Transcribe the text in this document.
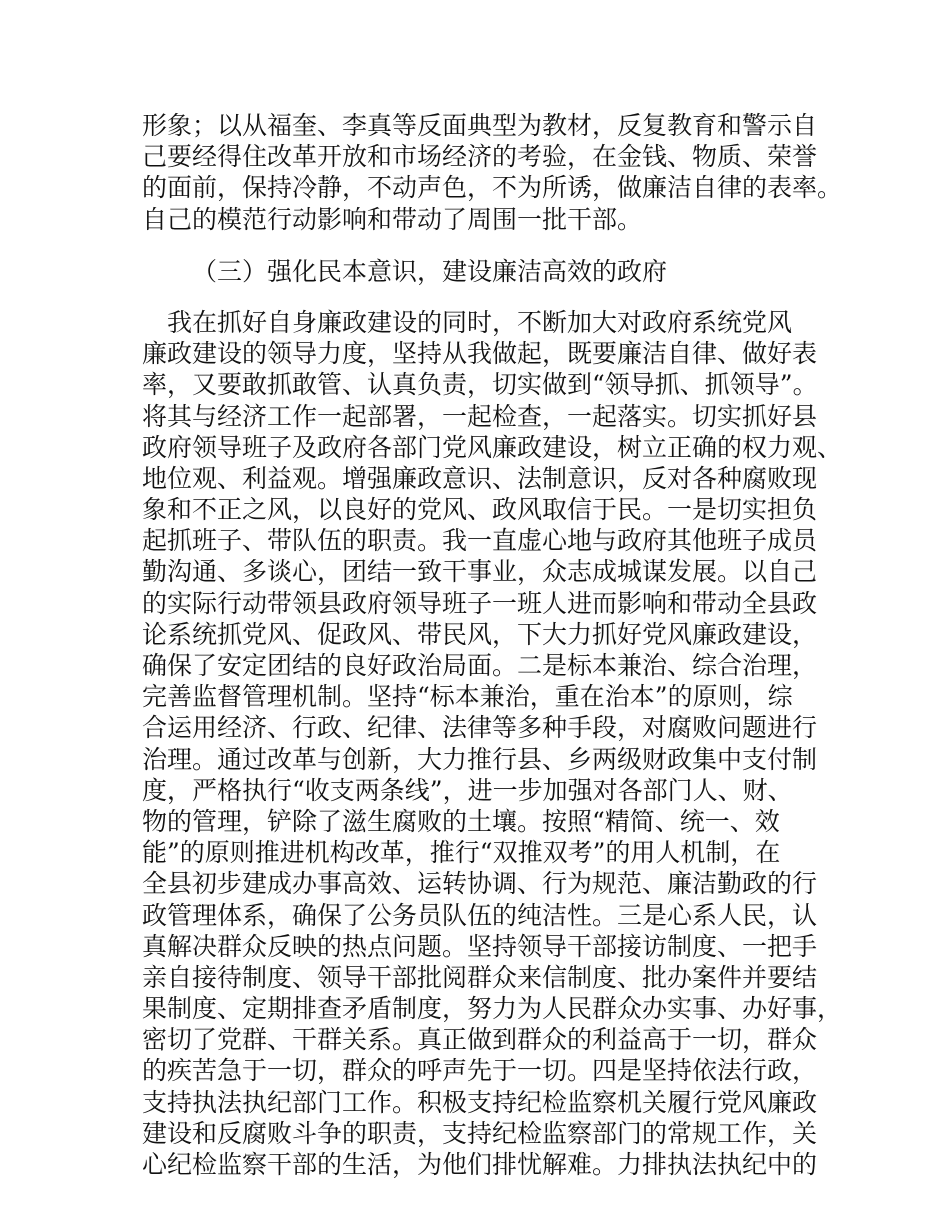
形象；以从福奎、李真等反面典型为教材，反复教育和警示自
己要经得住改革开放和市场经济的考验，在金钱、物质、荣誉
的面前，保持冷静，不动声色，不为所诱，做廉洁自律的表率。
自己的模范行动影响和带动了周围一批干部。
（三）强化民本意识，建设廉洁高效的政府
　我在抓好自身廉政建设的同时，不断加大对政府系统党风
廉政建设的领导力度，坚持从我做起，既要廉洁自律、做好表
率，又要敢抓敢管、认真负责，切实做到“领导抓、抓领导”。
将其与经济工作一起部署，一起检查，一起落实。切实抓好县
政府领导班子及政府各部门党风廉政建设，树立正确的权力观、
地位观、利益观。增强廉政意识、法制意识，反对各种腐败现
象和不正之风，以良好的党风、政风取信于民。一是切实担负
起抓班子、带队伍的职责。我一直虚心地与政府其他班子成员
勤沟通、多谈心，团结一致干事业，众志成城谋发展。以自己
的实际行动带领县政府领导班子一班人进而影响和带动全县政
论系统抓党风、促政风、带民风，下大力抓好党风廉政建设，
确保了安定团结的良好政治局面。二是标本兼治、综合治理，
完善监督管理机制。坚持“标本兼治，重在治本”的原则，综
合运用经济、行政、纪律、法律等多种手段，对腐败问题进行
治理。通过改革与创新，大力推行县、乡两级财政集中支付制
度，严格执行“收支两条线”，进一步加强对各部门人、财、
物的管理，铲除了滋生腐败的土壤。按照“精简、统一、效
能”的原则推进机构改革，推行“双推双考”的用人机制，在
全县初步建成办事高效、运转协调、行为规范、廉洁勤政的行
政管理体系，确保了公务员队伍的纯洁性。三是心系人民，认
真解决群众反映的热点问题。坚持领导干部接访制度、一把手
亲自接待制度、领导干部批阅群众来信制度、批办案件并要结
果制度、定期排查矛盾制度，努力为人民群众办实事、办好事，
密切了党群、干群关系。真正做到群众的利益高于一切，群众
的疾苦急于一切，群众的呼声先于一切。四是坚持依法行政，
支持执法执纪部门工作。积极支持纪检监察机关履行党风廉政
建设和反腐败斗争的职责，支持纪检监察部门的常规工作，关
心纪检监察干部的生活，为他们排忧解难。力排执法执纪中的
